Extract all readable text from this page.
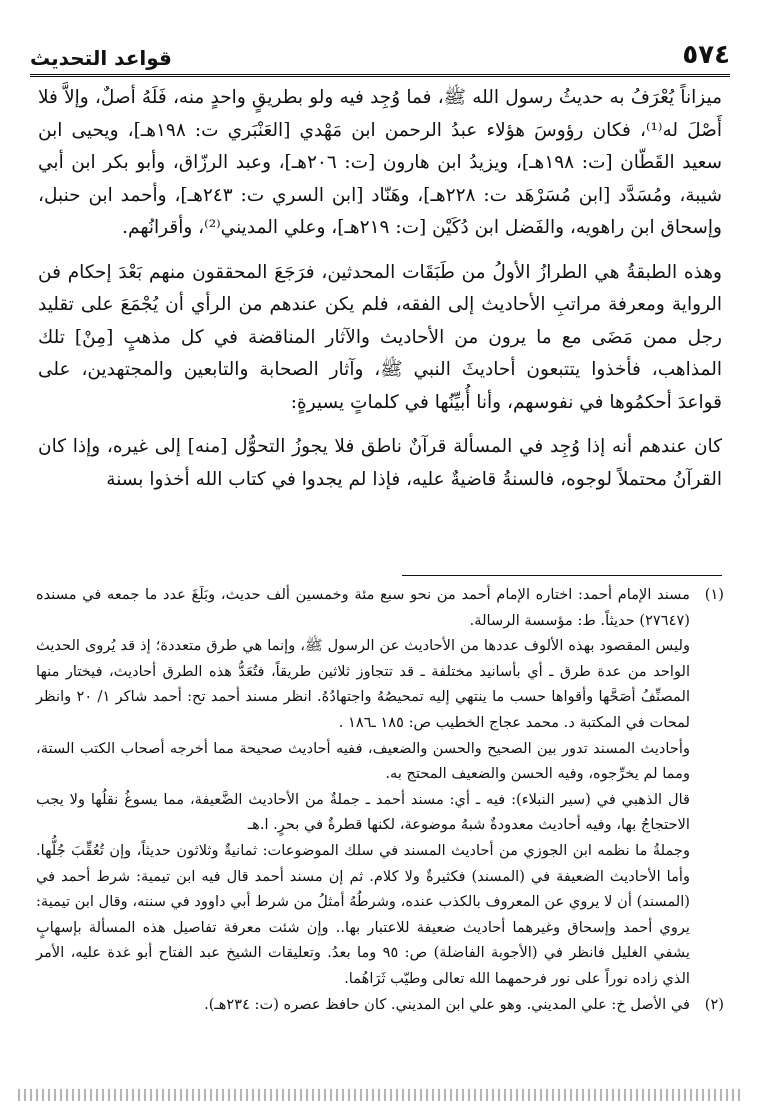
٥٧٤
قواعد التحديث

ميزاناً يُعْرَفُ به حديثُ رسول الله ﷺ، فما وُجِد فيه ولو بطريقٍ واحدٍ منه، فَلَهُ أصلٌ، وإلاَّ فلا أَصْلَ له⁽¹⁾، فكان رؤوسَ هؤلاء عبدُ الرحمن ابن مَهْدي [العَنْبَري ت: ١٩٨هـ]، ويحيى ابن سعيد القَطّان [ت: ١٩٨هـ]، ويزيدُ ابن هارون [ت: ٢٠٦هـ]، وعبد الرزّاق، وأبو بكر ابن أبي شيبة، ومُسَدَّد [ابن مُسَرْهَد ت: ٢٢٨هـ]، وهَنّاد [ابن السري ت: ٢٤٣هـ]، وأحمد ابن حنبل، وإسحاق ابن راهويه، والفَضل ابن دُكَيْن [ت: ٢١٩هـ]، وعلي المديني⁽²⁾، وأقرانُهم.

وهذه الطبقةُ هي الطرازُ الأولُ من طَبَقَات المحدثين، فرَجَعَ المحققون منهم بَعْدَ إحكام فن الرواية ومعرفة مراتبِ الأحاديث إلى الفقه، فلم يكن عندهم من الرأي أن يُجْمَعَ على تقليد رجل ممن مَضَى مع ما يرون من الأحاديث والآثار المناقضة في كل مذهبٍ [مِنْ] تلك المذاهب، فأخذوا يتتبعون أحاديثَ النبي ﷺ، وآثار الصحابة والتابعين والمجتهدين، على قواعدَ أحكمُوها في نفوسهم، وأنا أُبيِّنُها في كلماتٍ يسيرةٍ:

كان عندهم أنه إذا وُجِد في المسألة قرآنٌ ناطق فلا يجوزُ التحوُّل [منه] إلى غيره، وإذا كان القرآنُ محتملاً لوجوه، فالسنةُ قاضيةٌ عليه، فإذا لم يجدوا في كتاب الله أخذوا بسنة

(١)

مسند الإمام أحمد: اختاره الإمام أحمد من نحو سبع مئة وخمسين ألف حديث، وبَلَغَ عدد ما جمعه في مسنده (٢٧٦٤٧) حديثاً. ط: مؤسسة الرسالة.

وليس المقصود بهذه الألوف عددها من الأحاديث عن الرسول ﷺ، وإنما هي طرق متعددة؛ إذ قد يُروى الحديث الواحد من عدة طرق ـ أي بأسانيد مختلفة ـ قد تتجاوز ثلاثين طريقاً، فتُعَدُّ هذه الطرق أحاديث، فيختار منها المصنِّفُ أصَحَّها وأقواها حسب ما ينتهي إليه تمحيصُهُ واجتهادُهُ. انظر مسند أحمد تح: أحمد شاكر ١/ ٢٠ وانظر لمحات في المكتبة د. محمد عجاج الخطيب ص: ١٨٥ ـ١٨٦ .

وأحاديث المسند تدور بين الصحيح والحسن والضعيف، ففيه أحاديث صحيحة مما أخرجه أصحاب الكتب الستة، ومما لم يخرِّجوه، وفيه الحسن والضعيف المحتج به.

قال الذهبي في (سير النبلاء): فيه ـ أي: مسند أحمد ـ جملةٌ من الأحاديث الضَّعيفة، مما يسوغُ نقلُها ولا يجب الاحتجاجُ بها، وفيه أحاديث معدودةٌ شبهُ موضوعة، لكنها قطرةٌ في بحرٍ. ا.هـ

وجملةُ ما نظمه ابن الجوزي من أحاديث المسند في سلك الموضوعات: ثمانيةٌ وثلاثون حديثاً، وإن تُعُقِّبَ جُلُّها. وأما الأحاديث الضعيفة في (المسند) فكثيرةٌ ولا كلام. ثم إن مسند أحمد قال فيه ابن تيمية: شرط أحمد في (المسند) أن لا يروي عن المعروف بالكذب عنده، وشرطُهُ أمثلُ من شرط أبي داوود في سننه، وقال ابن تيمية: يروي أحمد وإسحاق وغيرهما أحاديث ضعيفة للاعتبار بها.. وإن شئت معرفة تفاصيل هذه المسألة بإسهابٍ يشفي الغليل فانظر في (الأجوبة الفاضلة) ص: ٩٥ وما بعدُ. وتعليقات الشيخ عبد الفتاح أبو غدة عليه، الأمر الذي زاده نوراً على نور فرحمهما الله تعالى وطيّب ثَرَاهُما.

(٢)

في الأصل خ: علي المديني. وهو علي ابن المديني. كان حافظ عصره (ت: ٢٣٤هـ).
